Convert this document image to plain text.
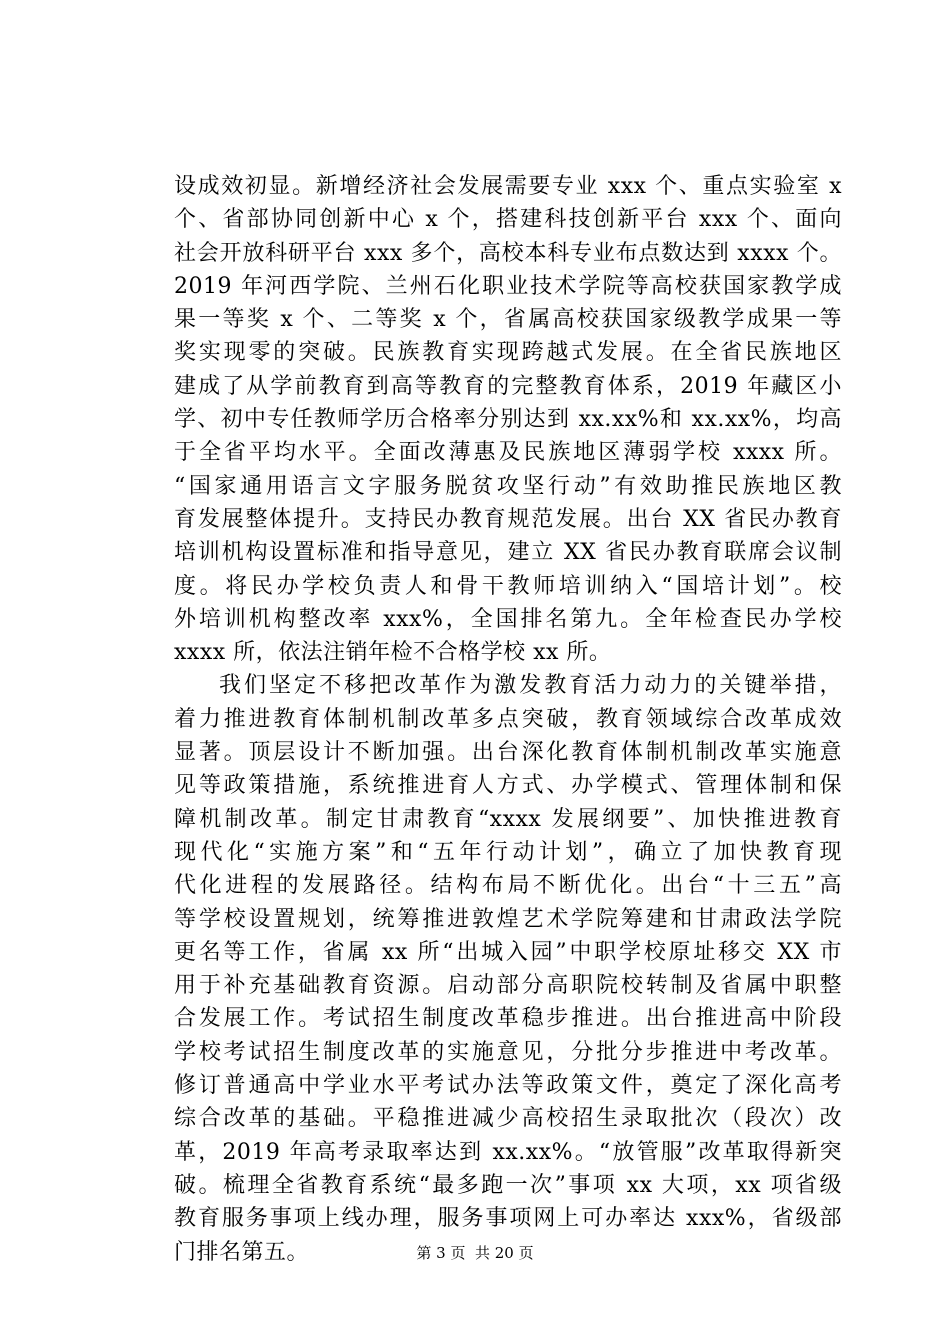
设成效初显。新增经济社会发展需要专业 xxx 个、重点实验室 x
个、省部协同创新中心 x 个，搭建科技创新平台 xxx 个、面向
社会开放科研平台 xxx 多个，高校本科专业布点数达到 xxxx 个。
2019 年河西学院、兰州石化职业技术学院等高校获国家教学成
果一等奖 x 个、二等奖 x 个，省属高校获国家级教学成果一等
奖实现零的突破。民族教育实现跨越式发展。在全省民族地区
建成了从学前教育到高等教育的完整教育体系，2019 年藏区小
学、初中专任教师学历合格率分别达到 xx.xx%和 xx.xx%，均高
于全省平均水平。全面改薄惠及民族地区薄弱学校 xxxx 所。
“国家通用语言文字服务脱贫攻坚行动”有效助推民族地区教
育发展整体提升。支持民办教育规范发展。出台 XX 省民办教育
培训机构设置标准和指导意见，建立 XX 省民办教育联席会议制
度。将民办学校负责人和骨干教师培训纳入“国培计划”。校
外培训机构整改率 xxx%，全国排名第九。全年检查民办学校
xxxx 所，依法注销年检不合格学校 xx 所。
我们坚定不移把改革作为激发教育活力动力的关键举措，
着力推进教育体制机制改革多点突破，教育领域综合改革成效
显著。顶层设计不断加强。出台深化教育体制机制改革实施意
见等政策措施，系统推进育人方式、办学模式、管理体制和保
障机制改革。制定甘肃教育“xxxx 发展纲要”、加快推进教育
现代化“实施方案”和“五年行动计划”，确立了加快教育现
代化进程的发展路径。结构布局不断优化。出台“十三五”高
等学校设置规划，统筹推进敦煌艺术学院筹建和甘肃政法学院
更名等工作，省属 xx 所“出城入园”中职学校原址移交 XX 市
用于补充基础教育资源。启动部分高职院校转制及省属中职整
合发展工作。考试招生制度改革稳步推进。出台推进高中阶段
学校考试招生制度改革的实施意见，分批分步推进中考改革。
修订普通高中学业水平考试办法等政策文件，奠定了深化高考
综合改革的基础。平稳推进减少高校招生录取批次（段次）改
革，2019 年高考录取率达到 xx.xx%。“放管服”改革取得新突
破。梳理全省教育系统“最多跑一次”事项 xx 大项，xx 项省级
教育服务事项上线办理，服务事项网上可办率达 xxx%，省级部
门排名第五。	第 3 页  共 20 页
